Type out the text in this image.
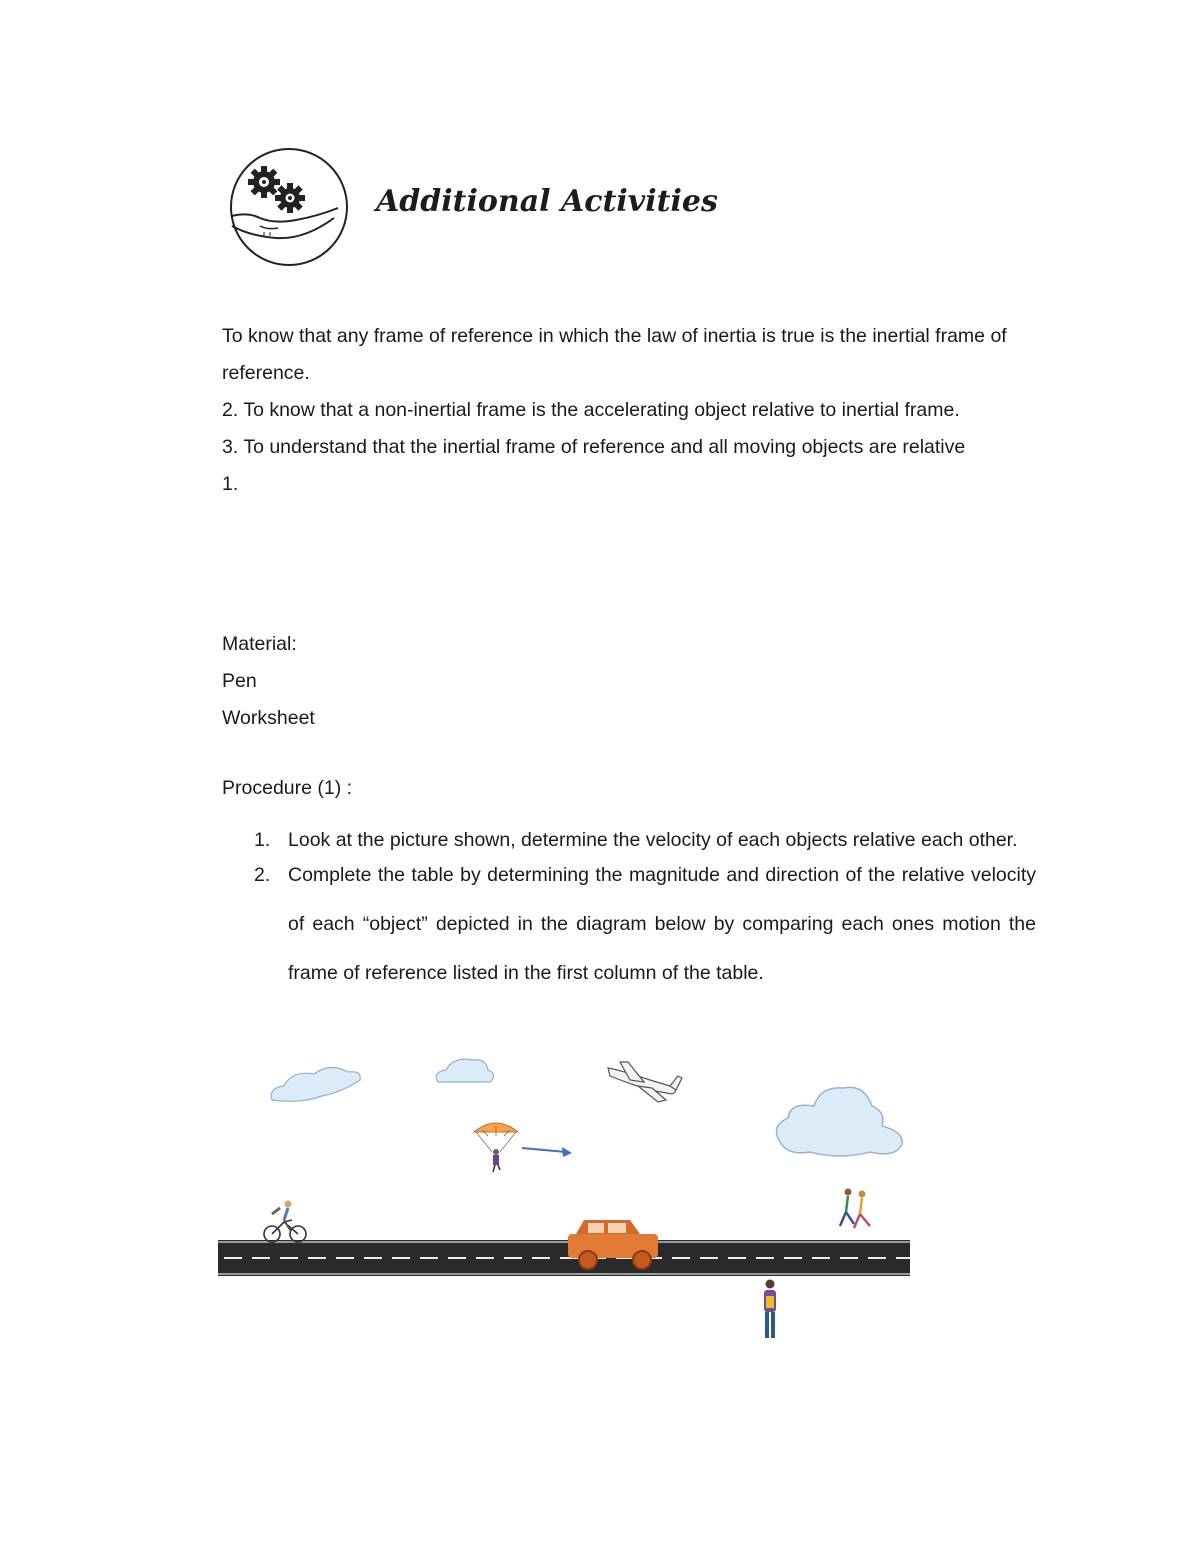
Additional Activities

To know that any frame of reference in which the law of inertia is true is the inertial frame of reference.

2. To know that a non-inertial frame is the accelerating object relative to inertial frame.

3. To understand that the inertial frame of reference and all moving objects are relative

1.

Material:

Pen

Worksheet

Procedure (1) :

1. Look at the picture shown, determine the velocity of each objects relative each other.

2. Complete the table by determining the magnitude and direction of the relative velocity of each “object” depicted in the diagram below by comparing each ones motion the frame of reference listed in the first column of the table.
